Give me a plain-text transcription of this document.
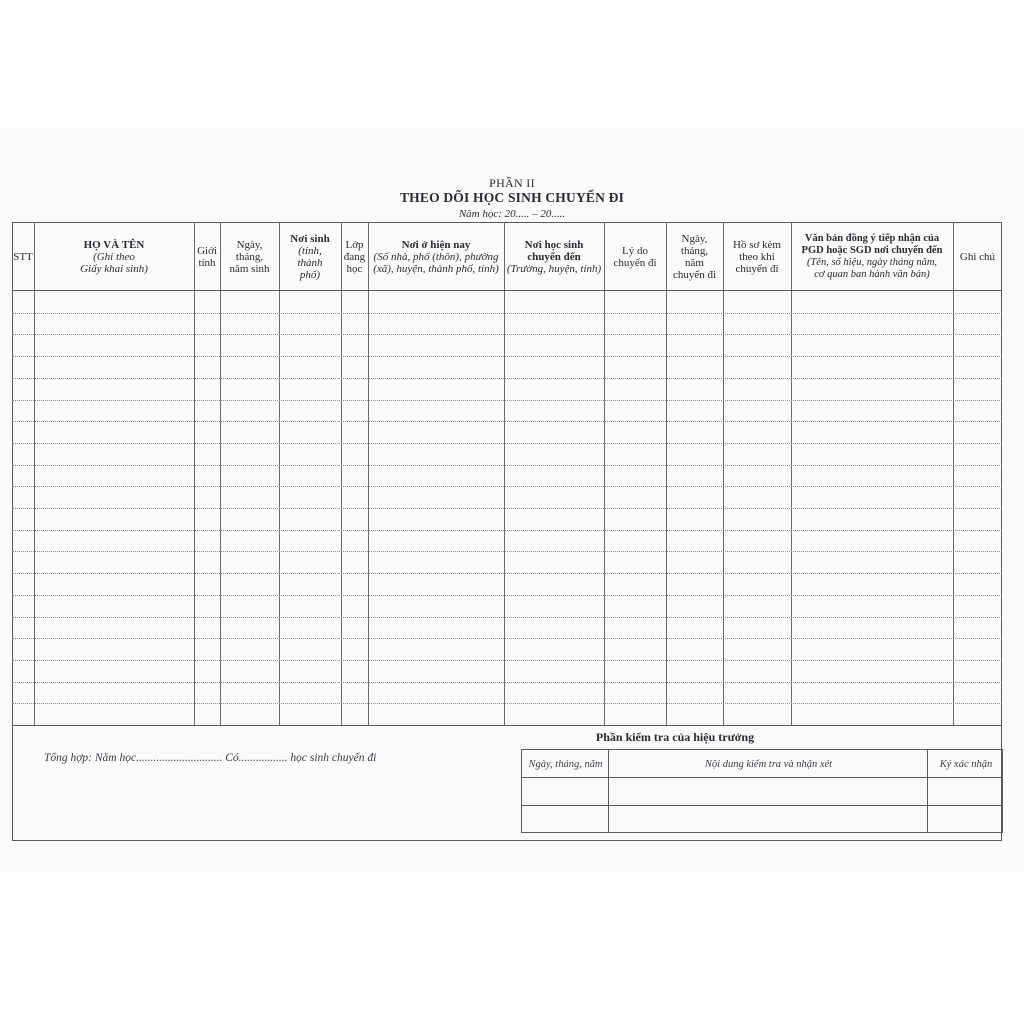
PHẦN II
THEO DÕI HỌC SINH CHUYỂN ĐI
Năm học: 20..... – 20.....
STT
HỌ VÀ TÊN
(Ghi theo
Giấy khai sinh)
Giới
tính
Ngày,
tháng,
năm sinh
Nơi sinh
(tỉnh,
thành
phố)
Lớp
đang
học
Nơi ở hiện nay
(Số nhà, phố (thôn), phường
(xã), huyện, thành phố, tỉnh)
Nơi học sinh
chuyển đến
(Trường, huyện, tỉnh)
Lý do
chuyển đi
Ngày,
tháng,
năm
chuyển đi
Hồ sơ kèm
theo khi
chuyển đi
Văn bản đồng ý tiếp nhận của
PGD hoặc SGD nơi chuyển đến
(Tên, số hiệu, ngày tháng năm,
cơ quan ban hành văn bản)
Ghi chú
Tổng hợp: Năm học.............................. Có................. học sinh chuyển đi
Phần kiểm tra của hiệu trưởng
Ngày, tháng, năm	Nội dung kiểm tra và nhận xét	Ký xác nhận
